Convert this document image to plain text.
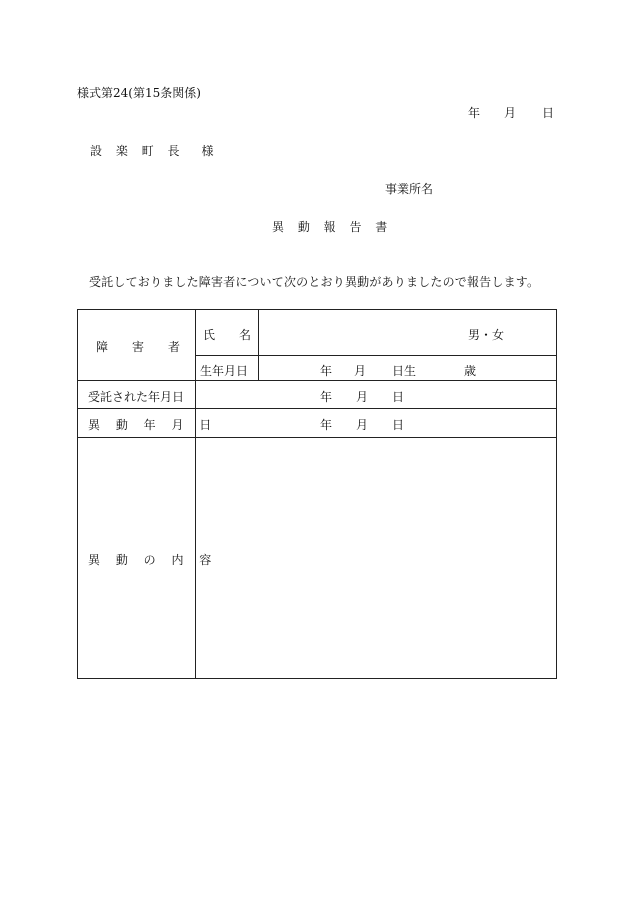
様式第24(第15条関係)
年 月 日
設 楽 町 長　様
事業所名
異 動 報 告 書
受託しておりました障害者について次のとおり異動がありましたので報告します。
障　　害　　者
氏　　名	男・女
生年月日	年 月 日生	歳
受託された年月日	年 月 日
異 動 年 月 日	年 月 日
異 動 の 内 容
